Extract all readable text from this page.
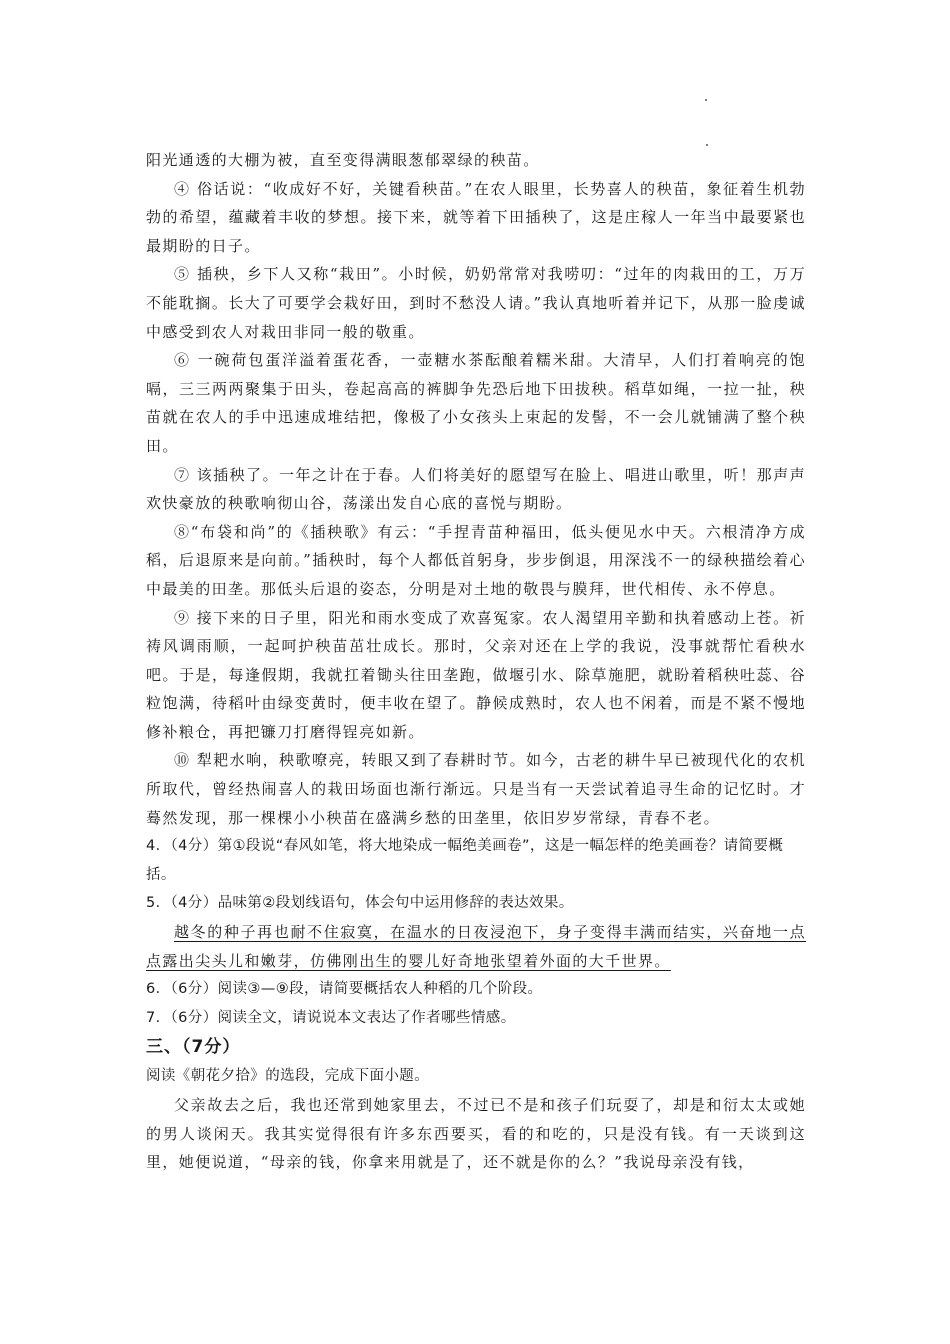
阳光通透的大棚为被，直至变得满眼葱郁翠绿的秧苗。

④ 俗话说：“收成好不好，关键看秧苗。”在农人眼里，长势喜人的秧苗，象征着生机勃勃的希望，蕴藏着丰收的梦想。接下来，就等着下田插秧了，这是庄稼人一年当中最要紧也最期盼的日子。

⑤ 插秧，乡下人又称“栽田”。小时候，奶奶常常对我唠叨：“过年的肉栽田的工，万万不能耽搁。长大了可要学会栽好田，到时不愁没人请。”我认真地听着并记下，从那一脸虔诚中感受到农人对栽田非同一般的敬重。

⑥ 一碗荷包蛋洋溢着蛋花香，一壶糖水茶酝酿着糯米甜。大清早，人们打着响亮的饱嗝，三三两两聚集于田头，卷起高高的裤脚争先恐后地下田拔秧。稻草如绳，一拉一扯，秧苗就在农人的手中迅速成堆结把，像极了小女孩头上束起的发髻，不一会儿就铺满了整个秧田。

⑦ 该插秧了。一年之计在于春。人们将美好的愿望写在脸上、唱进山歌里，听！那声声欢快豪放的秧歌响彻山谷，荡漾出发自心底的喜悦与期盼。

⑧“布袋和尚”的《插秧歌》有云：“手捏青苗种福田，低头便见水中天。六根清净方成稻，后退原来是向前。”插秧时，每个人都低首躬身，步步倒退，用深浅不一的绿秧描绘着心中最美的田垄。那低头后退的姿态，分明是对土地的敬畏与膜拜，世代相传、永不停息。

⑨ 接下来的日子里，阳光和雨水变成了欢喜冤家。农人渴望用辛勤和执着感动上苍。祈祷风调雨顺，一起呵护秧苗茁壮成长。那时，父亲对还在上学的我说，没事就帮忙看秧水吧。于是，每逢假期，我就扛着锄头往田垄跑，做堰引水、除草施肥，就盼着稻秧吐蕊、谷粒饱满，待稻叶由绿变黄时，便丰收在望了。静候成熟时，农人也不闲着，而是不紧不慢地修补粮仓，再把镰刀打磨得锃亮如新。

⑩ 犁耙水响，秧歌嘹亮，转眼又到了春耕时节。如今，古老的耕牛早已被现代化的农机所取代，曾经热闹喜人的栽田场面也渐行渐远。只是当有一天尝试着追寻生命的记忆时。才蓦然发现，那一棵棵小小秧苗在盛满乡愁的田垄里，依旧岁岁常绿，青春不老。

4．（4分）第①段说“春风如笔，将大地染成一幅绝美画卷”，这是一幅怎样的绝美画卷？请简要概括。

5．（4分）品味第②段划线语句，体会句中运用修辞的表达效果。

越冬的种子再也耐不住寂寞，在温水的日夜浸泡下，身子变得丰满而结实，兴奋地一点点露出尖头儿和嫩芽，仿佛刚出生的婴儿好奇地张望着外面的大千世界。

6．（6分）阅读③—⑨段，请简要概括农人种稻的几个阶段。

7．（6分）阅读全文，请说说本文表达了作者哪些情感。

三、（7分）

阅读《朝花夕拾》的选段，完成下面小题。

父亲故去之后，我也还常到她家里去，不过已不是和孩子们玩耍了，却是和衍太太或她的男人谈闲天。我其实觉得很有许多东西要买，看的和吃的，只是没有钱。有一天谈到这里，她便说道，“母亲的钱，你拿来用就是了，还不就是你的么？”我说母亲没有钱，
